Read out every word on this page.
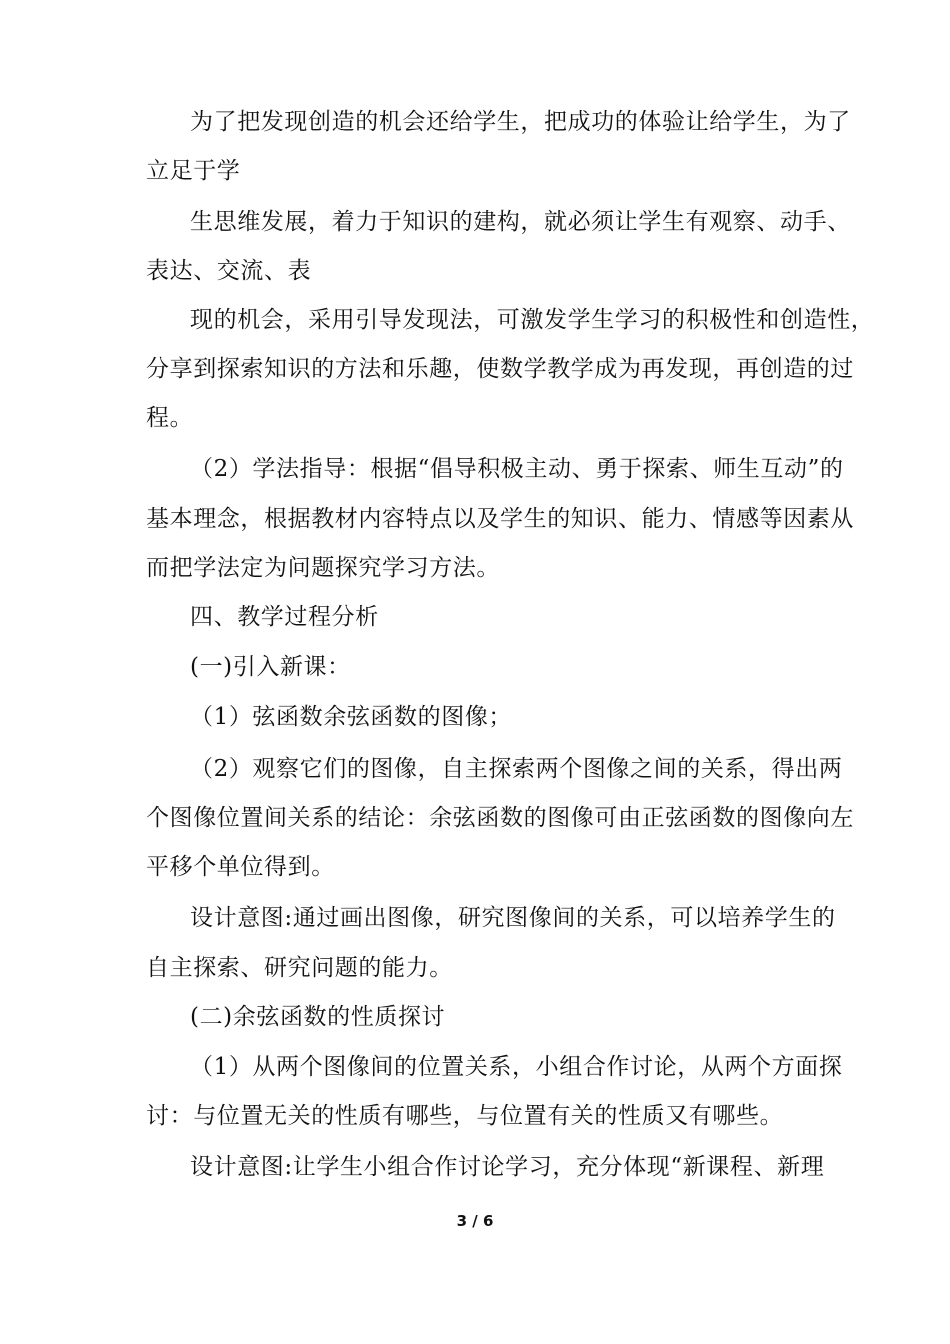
为了把发现创造的机会还给学生，把成功的体验让给学生，为了
立足于学
生思维发展，着力于知识的建构，就必须让学生有观察、动手、
表达、交流、表
现的机会，采用引导发现法，可激发学生学习的积极性和创造性，
分享到探索知识的方法和乐趣，使数学教学成为再发现，再创造的过
程。
（2）学法指导：根据“倡导积极主动、勇于探索、师生互动”的
基本理念，根据教材内容特点以及学生的知识、能力、情感等因素从
而把学法定为问题探究学习方法。
四、教学过程分析
(一)引入新课：
（1）弦函数余弦函数的图像；
（2）观察它们的图像，自主探索两个图像之间的关系，得出两
个图像位置间关系的结论：余弦函数的图像可由正弦函数的图像向左
平移个单位得到。
设计意图:通过画出图像，研究图像间的关系，可以培养学生的
自主探索、研究问题的能力。
(二)余弦函数的性质探讨
（1）从两个图像间的位置关系，小组合作讨论，从两个方面探
讨：与位置无关的性质有哪些，与位置有关的性质又有哪些。
设计意图:让学生小组合作讨论学习，充分体现“新课程、新理
3 / 6
